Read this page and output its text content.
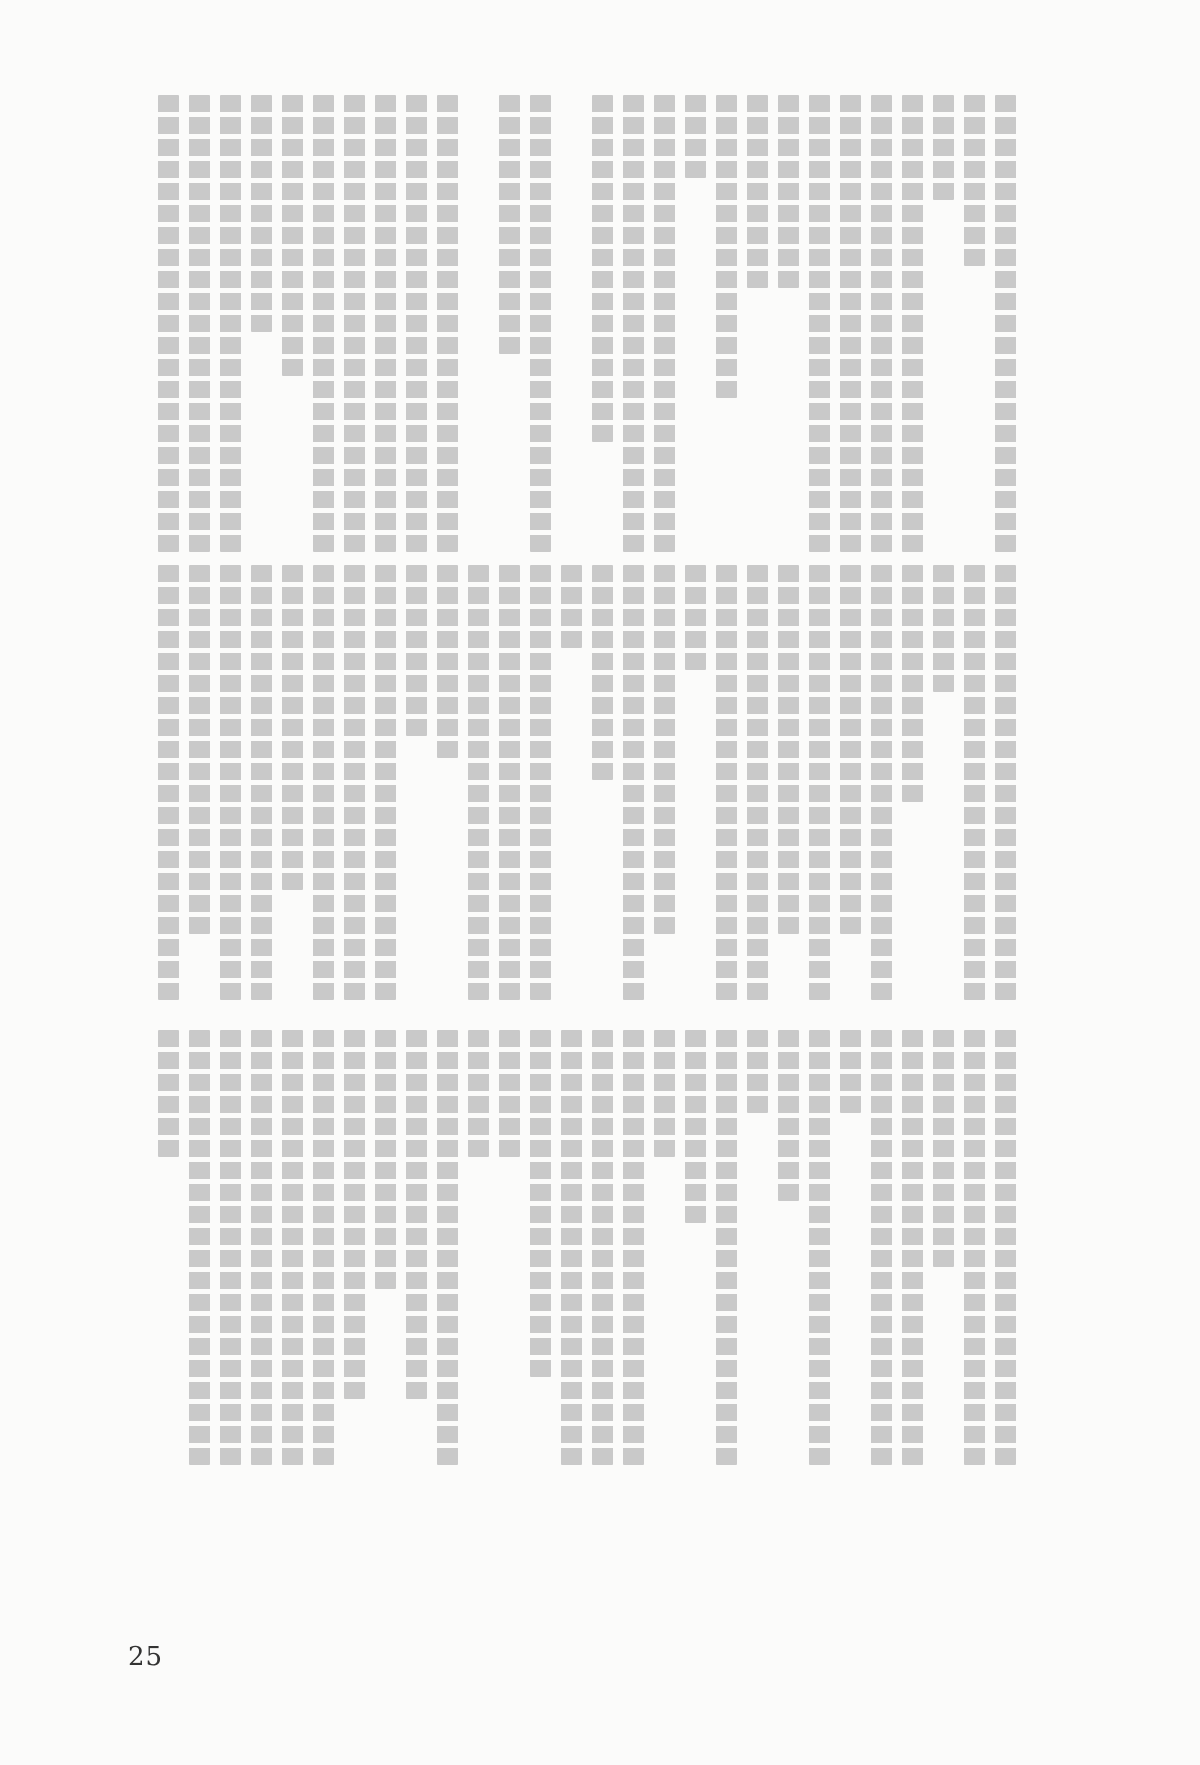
25
